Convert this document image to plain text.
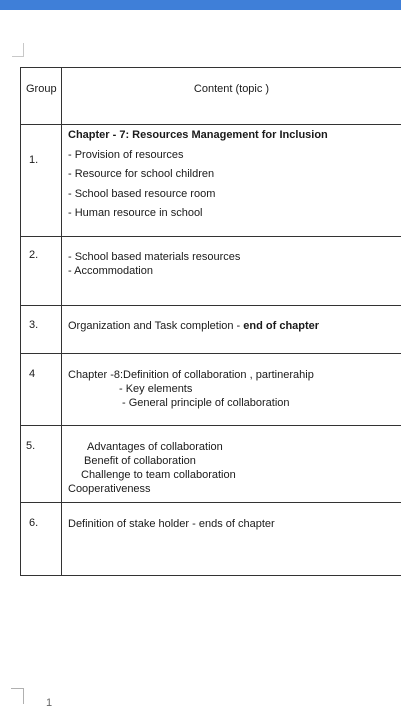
Group	Content (topic )
1.	Chapter - 7: Resources Management for Inclusion
- Provision of resources
- Resource for school children
- School based resource room
- Human resource in school

2.	- School based materials resources
- Accommodation

3.	Organization and Task completion - end of chapter

4	Chapter -8:Definition of collaboration , partinerahip
- Key elements
- General principle of collaboration

5.	Advantages of collaboration
Benefit of collaboration
Challenge to team collaboration
Cooperativeness

6.	Definition of stake holder - ends of chapter
1
